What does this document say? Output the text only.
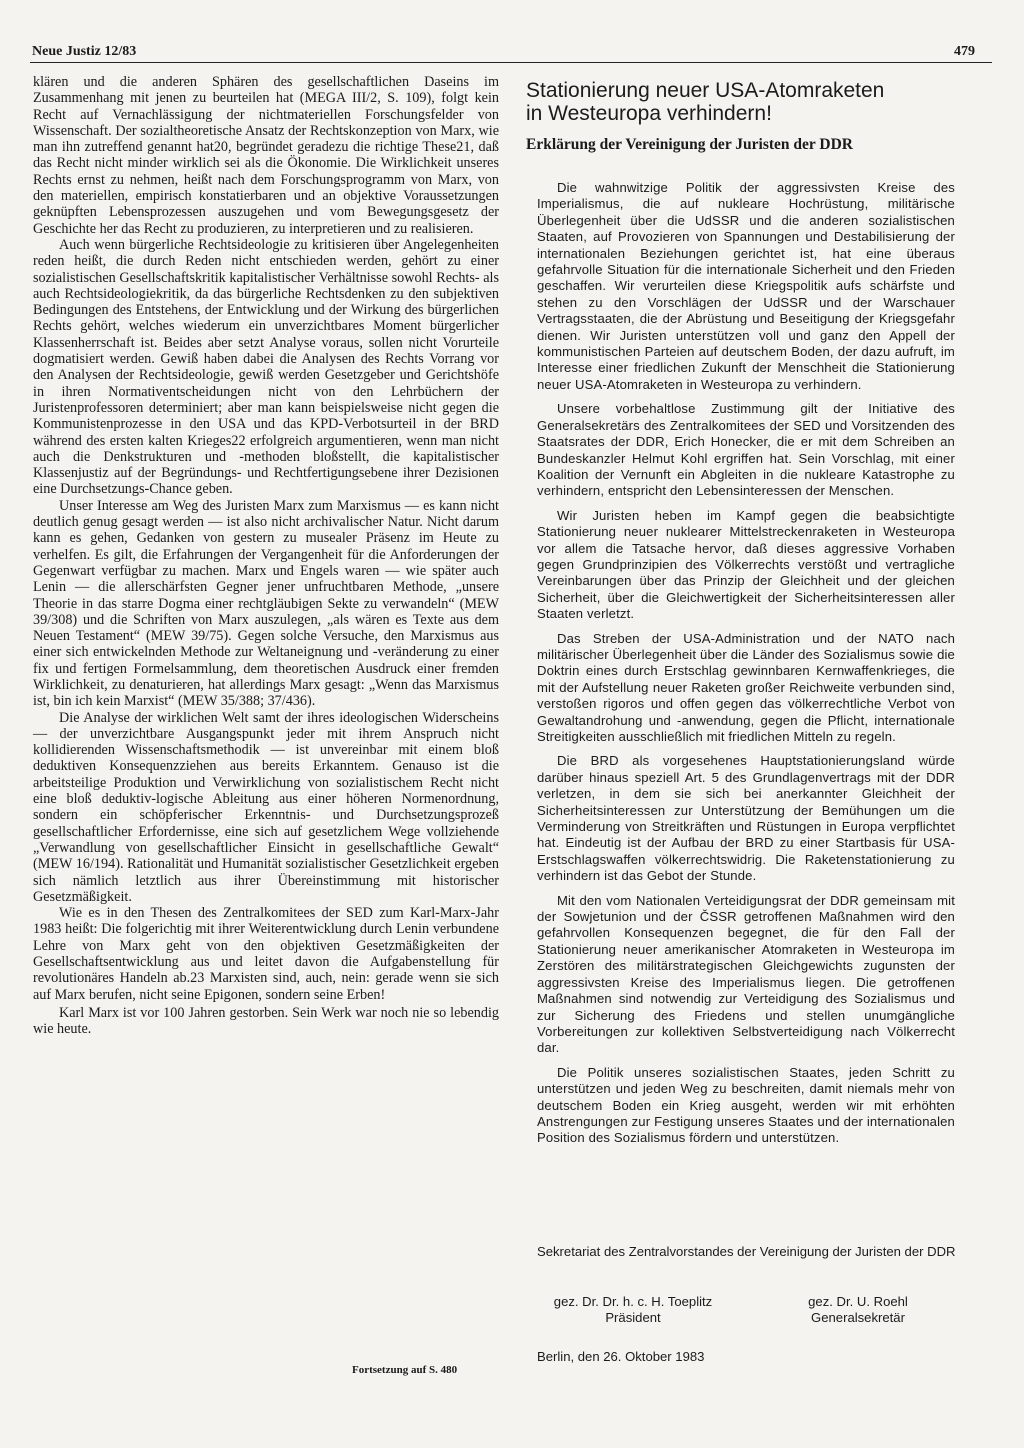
Neue Justiz 12/83	479

klären und die anderen Sphären des gesellschaftlichen Daseins im Zusammenhang mit jenen zu beurteilen hat (MEGA III/2, S. 109), folgt kein Recht auf Vernachlässigung der nichtmateriellen Forschungsfelder von Wissenschaft. Der sozialtheoretische Ansatz der Rechtskonzeption von Marx, wie man ihn zutreffend genannt hat20, begründet geradezu die richtige These21, daß das Recht nicht minder wirklich sei als die Ökonomie. Die Wirklichkeit unseres Rechts ernst zu nehmen, heißt nach dem Forschungsprogramm von Marx, von den materiellen, empirisch konstatierbaren und an objektive Voraussetzungen geknüpften Lebensprozessen auszugehen und vom Bewegungsgesetz der Geschichte her das Recht zu produzieren, zu interpretieren und zu realisieren.

Auch wenn bürgerliche Rechtsideologie zu kritisieren über Angelegenheiten reden heißt, die durch Reden nicht entschieden werden, gehört zu einer sozialistischen Gesellschaftskritik kapitalistischer Verhältnisse sowohl Rechts- als auch Rechtsideologiekritik, da das bürgerliche Rechtsdenken zu den subjektiven Bedingungen des Entstehens, der Entwicklung und der Wirkung des bürgerlichen Rechts gehört, welches wiederum ein unverzichtbares Moment bürgerlicher Klassenherrschaft ist. Beides aber setzt Analyse voraus, sollen nicht Vorurteile dogmatisiert werden. Gewiß haben dabei die Analysen des Rechts Vorrang vor den Analysen der Rechtsideologie, gewiß werden Gesetzgeber und Gerichtshöfe in ihren Normativentscheidungen nicht von den Lehrbüchern der Juristenprofessoren determiniert; aber man kann beispielsweise nicht gegen die Kommunistenprozesse in den USA und das KPD-Verbotsurteil in der BRD während des ersten kalten Krieges22 erfolgreich argumentieren, wenn man nicht auch die Denkstrukturen und -methoden bloßstellt, die kapitalistischer Klassenjustiz auf der Begründungs- und Rechtfertigungsebene ihrer Dezisionen eine Durchsetzungs-Chance geben.

Unser Interesse am Weg des Juristen Marx zum Marxismus — es kann nicht deutlich genug gesagt werden — ist also nicht archivalischer Natur. Nicht darum kann es gehen, Gedanken von gestern zu musealer Präsenz im Heute zu verhelfen. Es gilt, die Erfahrungen der Vergangenheit für die Anforderungen der Gegenwart verfügbar zu machen. Marx und Engels waren — wie später auch Lenin — die allerschärfsten Gegner jener unfruchtbaren Methode, „unsere Theorie in das starre Dogma einer rechtgläubigen Sekte zu verwandeln“ (MEW 39/308) und die Schriften von Marx auszulegen, „als wären es Texte aus dem Neuen Testament“ (MEW 39/75). Gegen solche Versuche, den Marxismus aus einer sich entwickelnden Methode zur Weltaneignung und -veränderung zu einer fix und fertigen Formelsammlung, dem theoretischen Ausdruck einer fremden Wirklichkeit, zu denaturieren, hat allerdings Marx gesagt: „Wenn das Marxismus ist, bin ich kein Marxist“ (MEW 35/388; 37/436).

Die Analyse der wirklichen Welt samt der ihres ideologischen Widerscheins — der unverzichtbare Ausgangspunkt jeder mit ihrem Anspruch nicht kollidierenden Wissenschaftsmethodik — ist unvereinbar mit einem bloß deduktiven Konsequenzziehen aus bereits Erkanntem. Genauso ist die arbeitsteilige Produktion und Verwirklichung von sozialistischem Recht nicht eine bloß deduktiv-logische Ableitung aus einer höheren Normenordnung, sondern ein schöpferischer Erkenntnis- und Durchsetzungsprozeß gesellschaftlicher Erfordernisse, eine sich auf gesetzlichem Wege vollziehende „Verwandlung von gesellschaftlicher Einsicht in gesellschaftliche Gewalt“ (MEW 16/194). Rationalität und Humanität sozialistischer Gesetzlichkeit ergeben sich nämlich letztlich aus ihrer Übereinstimmung mit historischer Gesetzmäßigkeit.

Wie es in den Thesen des Zentralkomitees der SED zum Karl-Marx-Jahr 1983 heißt: Die folgerichtig mit ihrer Weiterentwicklung durch Lenin verbundene Lehre von Marx geht von den objektiven Gesetzmäßigkeiten der Gesellschaftsentwicklung aus und leitet davon die Aufgabenstellung für revolutionäres Handeln ab.23 Marxisten sind, auch, nein: gerade wenn sie sich auf Marx berufen, nicht seine Epigonen, sondern seine Erben!

Karl Marx ist vor 100 Jahren gestorben. Sein Werk war noch nie so lebendig wie heute.

Fortsetzung auf S. 480
Stationierung neuer USA-Atomraketen
in Westeuropa verhindern!
Erklärung der Vereinigung der Juristen der DDR

Die wahnwitzige Politik der aggressivsten Kreise des Imperialismus, die auf nukleare Hochrüstung, militärische Überlegenheit über die UdSSR und die anderen sozialistischen Staaten, auf Provozieren von Spannungen und Destabilisierung der internationalen Beziehungen gerichtet ist, hat eine überaus gefahrvolle Situation für die internationale Sicherheit und den Frieden geschaffen. Wir verurteilen diese Kriegspolitik aufs schärfste und stehen zu den Vorschlägen der UdSSR und der Warschauer Vertragsstaaten, die der Abrüstung und Beseitigung der Kriegsgefahr dienen. Wir Juristen unterstützen voll und ganz den Appell der kommunistischen Parteien auf deutschem Boden, der dazu aufruft, im Interesse einer friedlichen Zukunft der Menschheit die Stationierung neuer USA-Atomraketen in Westeuropa zu verhindern.

Unsere vorbehaltlose Zustimmung gilt der Initiative des Generalsekretärs des Zentralkomitees der SED und Vorsitzenden des Staatsrates der DDR, Erich Honecker, die er mit dem Schreiben an Bundeskanzler Helmut Kohl ergriffen hat. Sein Vorschlag, mit einer Koalition der Vernunft ein Abgleiten in die nukleare Katastrophe zu verhindern, entspricht den Lebensinteressen der Menschen.

Wir Juristen heben im Kampf gegen die beabsichtigte Stationierung neuer nuklearer Mittelstreckenraketen in Westeuropa vor allem die Tatsache hervor, daß dieses aggressive Vorhaben gegen Grundprinzipien des Völkerrechts verstößt und vertragliche Vereinbarungen über das Prinzip der Gleichheit und der gleichen Sicherheit, über die Gleichwertigkeit der Sicherheitsinteressen aller Staaten verletzt.

Das Streben der USA-Administration und der NATO nach militärischer Überlegenheit über die Länder des Sozialismus sowie die Doktrin eines durch Erstschlag gewinnbaren Kernwaffenkrieges, die mit der Aufstellung neuer Raketen großer Reichweite verbunden sind, verstoßen rigoros und offen gegen das völkerrechtliche Verbot von Gewaltandrohung und -anwendung, gegen die Pflicht, internationale Streitigkeiten ausschließlich mit friedlichen Mitteln zu regeln.

Die BRD als vorgesehenes Hauptstationierungsland würde darüber hinaus speziell Art. 5 des Grundlagenvertrags mit der DDR verletzen, in dem sie sich bei anerkannter Gleichheit der Sicherheitsinteressen zur Unterstützung der Bemühungen um die Verminderung von Streitkräften und Rüstungen in Europa verpflichtet hat. Eindeutig ist der Aufbau der BRD zu einer Startbasis für USA-Erstschlagswaffen völkerrechtswidrig. Die Raketenstationierung zu verhindern ist das Gebot der Stunde.

Mit den vom Nationalen Verteidigungsrat der DDR gemeinsam mit der Sowjetunion und der ČSSR getroffenen Maßnahmen wird den gefahrvollen Konsequenzen begegnet, die für den Fall der Stationierung neuer amerikanischer Atomraketen in Westeuropa im Zerstören des militärstrategischen Gleichgewichts zugunsten der aggressivsten Kreise des Imperialismus liegen. Die getroffenen Maßnahmen sind notwendig zur Verteidigung des Sozialismus und zur Sicherung des Friedens und stellen unumgängliche Vorbereitungen zur kollektiven Selbstverteidigung nach Völkerrecht dar.

Die Politik unseres sozialistischen Staates, jeden Schritt zu unterstützen und jeden Weg zu beschreiten, damit niemals mehr von deutschem Boden ein Krieg ausgeht, werden wir mit erhöhten Anstrengungen zur Festigung unseres Staates und der internationalen Position des Sozialismus fördern und unterstützen.

Sekretariat des Zentralvorstandes der Vereinigung der Juristen der DDR
gez. Dr. Dr. h. c. H. Toeplitz
Präsident
gez. Dr. U. Roehl
Generalsekretär
Berlin, den 26. Oktober 1983
